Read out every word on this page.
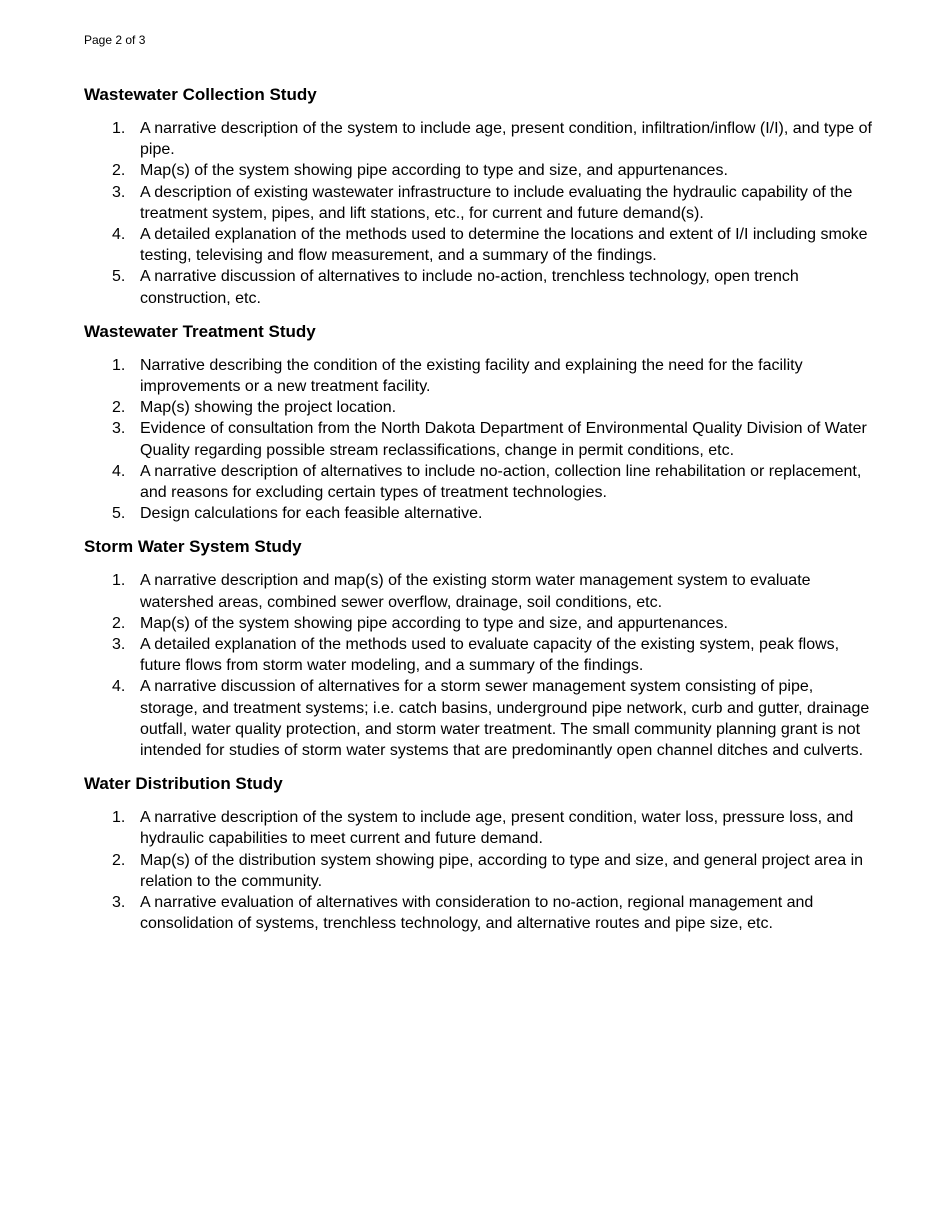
Page 2 of 3
Wastewater Collection Study
1. A narrative description of the system to include age, present condition, infiltration/inflow (I/I), and type of pipe.
2. Map(s) of the system showing pipe according to type and size, and appurtenances.
3. A description of existing wastewater infrastructure to include evaluating the hydraulic capability of the treatment system, pipes, and lift stations, etc., for current and future demand(s).
4. A detailed explanation of the methods used to determine the locations and extent of I/I including smoke testing, televising and flow measurement, and a summary of the findings.
5. A narrative discussion of alternatives to include no-action, trenchless technology, open trench construction, etc.
Wastewater Treatment Study
1. Narrative describing the condition of the existing facility and explaining the need for the facility improvements or a new treatment facility.
2. Map(s) showing the project location.
3. Evidence of consultation from the North Dakota Department of Environmental Quality Division of Water Quality regarding possible stream reclassifications, change in permit conditions, etc.
4. A narrative description of alternatives to include no-action, collection line rehabilitation or replacement, and reasons for excluding certain types of treatment technologies.
5. Design calculations for each feasible alternative.
Storm Water System Study
1. A narrative description and map(s) of the existing storm water management system to evaluate watershed areas, combined sewer overflow, drainage, soil conditions, etc.
2. Map(s) of the system showing pipe according to type and size, and appurtenances.
3. A detailed explanation of the methods used to evaluate capacity of the existing system, peak flows, future flows from storm water modeling, and a summary of the findings.
4. A narrative discussion of alternatives for a storm sewer management system consisting of pipe, storage, and treatment systems; i.e. catch basins, underground pipe network, curb and gutter, drainage outfall, water quality protection, and storm water treatment. The small community planning grant is not intended for studies of storm water systems that are predominantly open channel ditches and culverts.
Water Distribution Study
1. A narrative description of the system to include age, present condition, water loss, pressure loss, and hydraulic capabilities to meet current and future demand.
2. Map(s) of the distribution system showing pipe, according to type and size, and general project area in relation to the community.
3. A narrative evaluation of alternatives with consideration to no-action, regional management and consolidation of systems, trenchless technology, and alternative routes and pipe size, etc.
